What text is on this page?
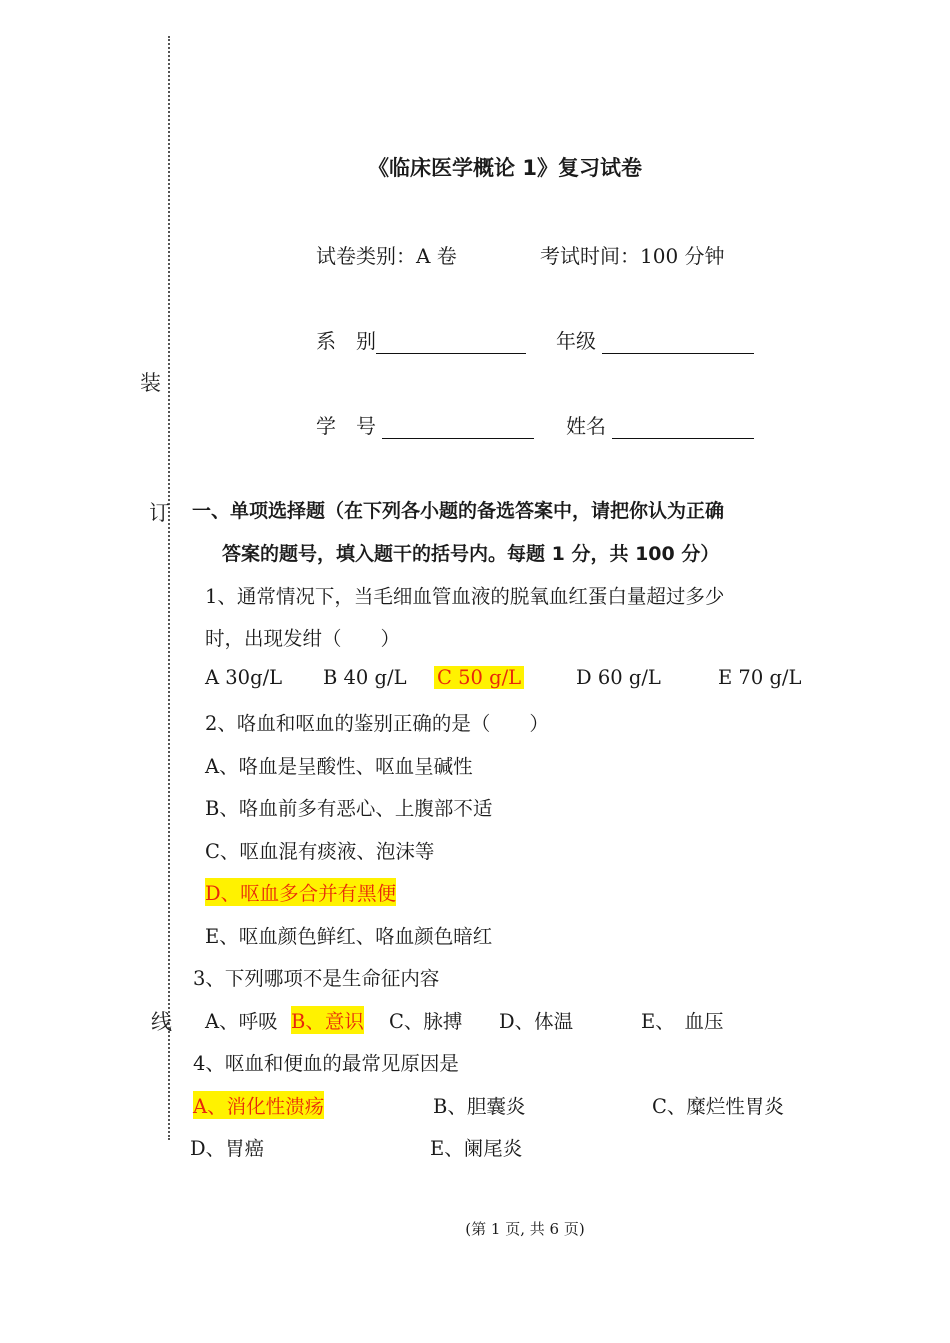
装
订
线
《临床医学概论 1》复习试卷
试卷类别：A 卷	考试时间：100 分钟
系　别	年级
学　号	姓名
一、单项选择题（在下列各小题的备选答案中，请把你认为正确
答案的题号，填入题干的括号内。每题 1 分，共 100 分）
1、通常情况下，当毛细血管血液的脱氧血红蛋白量超过多少
时，出现发绀（　　）
A 30g/L B 40 g/L C 50 g/L	D 60 g/L	E 70 g/L
2、咯血和呕血的鉴别正确的是（　　）
A、咯血是呈酸性、呕血呈碱性
B、咯血前多有恶心、上腹部不适
C、呕血混有痰液、泡沫等
D、呕血多合并有黑便
E、呕血颜色鲜红、咯血颜色暗红
3、下列哪项不是生命征内容
A、呼吸 B、意识 C、脉搏 D、体温	E、　血压
4、呕血和便血的最常见原因是
A、消化性溃疡	B、胆囊炎	C、糜烂性胃炎
D、胃癌	E、阑尾炎
(第 1 页, 共 6 页)
